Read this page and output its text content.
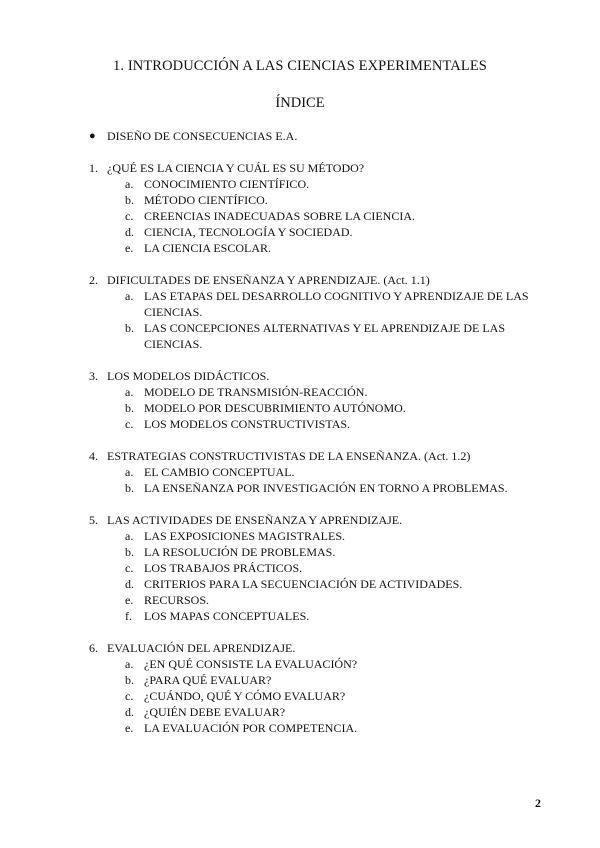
1. INTRODUCCIÓN A LAS CIENCIAS EXPERIMENTALES
ÍNDICE
● DISEÑO DE CONSECUENCIAS E.A.
1. ¿QUÉ ES LA CIENCIA Y CUÁL ES SU MÉTODO?
a. CONOCIMIENTO CIENTÍFICO.
b. MÉTODO CIENTÍFICO.
c. CREENCIAS INADECUADAS SOBRE LA CIENCIA.
d. CIENCIA, TECNOLOGÍA Y SOCIEDAD.
e. LA CIENCIA ESCOLAR.
2. DIFICULTADES DE ENSEÑANZA Y APRENDIZAJE. (Act. 1.1)
a. LAS ETAPAS DEL DESARROLLO COGNITIVO Y APRENDIZAJE DE LAS CIENCIAS.
b. LAS CONCEPCIONES ALTERNATIVAS Y EL APRENDIZAJE DE LAS CIENCIAS.
3. LOS MODELOS DIDÁCTICOS.
a. MODELO DE TRANSMISIÓN-REACCIÓN.
b. MODELO POR DESCUBRIMIENTO AUTÓNOMO.
c. LOS MODELOS CONSTRUCTIVISTAS.
4. ESTRATEGIAS CONSTRUCTIVISTAS DE LA ENSEÑANZA. (Act. 1.2)
a. EL CAMBIO CONCEPTUAL.
b. LA ENSEÑANZA POR INVESTIGACIÓN EN TORNO A PROBLEMAS.
5. LAS ACTIVIDADES DE ENSEÑANZA Y APRENDIZAJE.
a. LAS EXPOSICIONES MAGISTRALES.
b. LA RESOLUCIÓN DE PROBLEMAS.
c. LOS TRABAJOS PRÁCTICOS.
d. CRITERIOS PARA LA SECUENCIACIÓN DE ACTIVIDADES.
e. RECURSOS.
f. LOS MAPAS CONCEPTUALES.
6. EVALUACIÓN DEL APRENDIZAJE.
a. ¿EN QUÉ CONSISTE LA EVALUACIÓN?
b. ¿PARA QUÉ EVALUAR?
c. ¿CUÁNDO, QUÉ Y CÓMO EVALUAR?
d. ¿QUIÉN DEBE EVALUAR?
e. LA EVALUACIÓN POR COMPETENCIA.
2
